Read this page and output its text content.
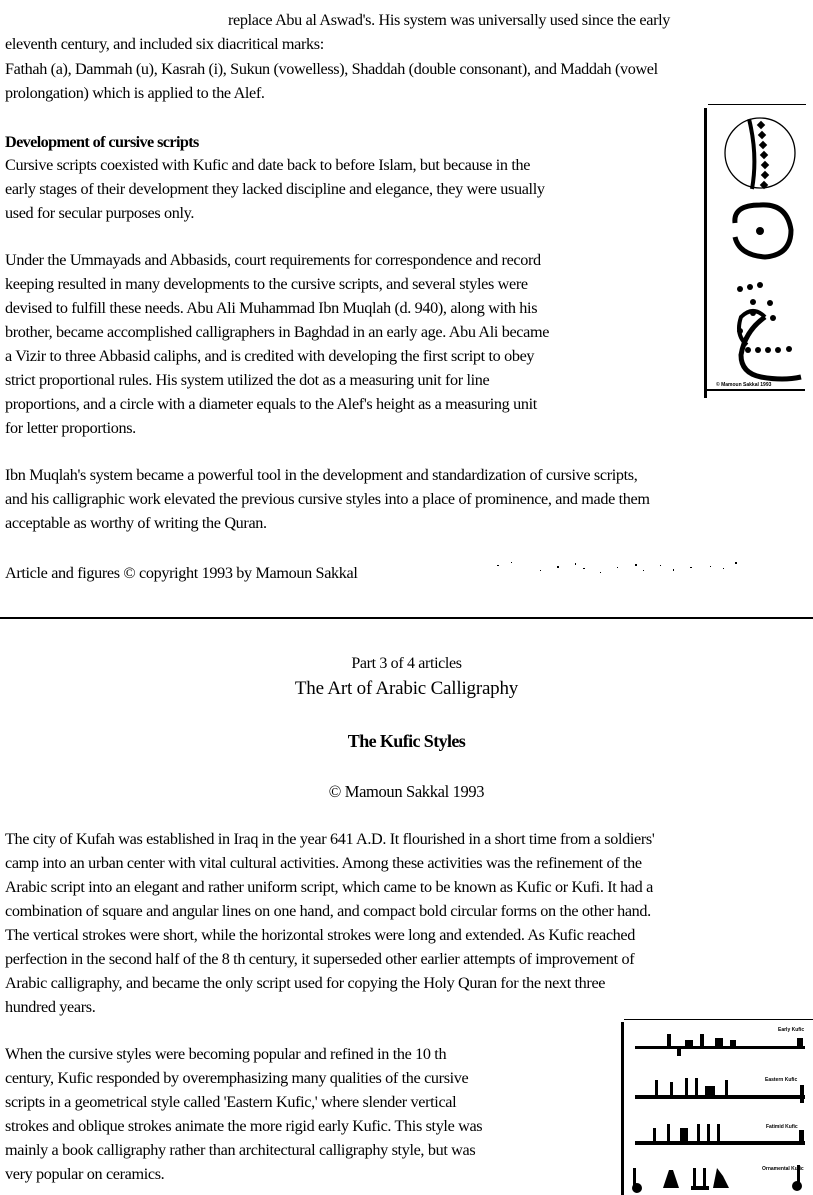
replace Abu al Aswad's. His system was universally used since the early
eleventh century, and included six diacritical marks:
Fathah (a), Dammah (u), Kasrah (i), Sukun (vowelless), Shaddah (double consonant), and Maddah (vowel
prolongation) which is applied to the Alef.
Development of cursive scripts
Cursive scripts coexisted with Kufic and date back to before Islam, but because in the
early stages of their development they lacked discipline and elegance, they were usually
used for secular purposes only.
Under the Ummayads and Abbasids, court requirements for correspondence and record
keeping resulted in many developments to the cursive scripts, and several styles were
devised to fulfill these needs. Abu Ali Muhammad Ibn Muqlah (d. 940), along with his
brother, became accomplished calligraphers in Baghdad in an early age. Abu Ali became
a Vizir to three Abbasid caliphs, and is credited with developing the first script to obey
strict proportional rules. His system utilized the dot as a measuring unit for line
proportions, and a circle with a diameter equals to the Alef's height as a measuring unit
for letter proportions.
Ibn Muqlah's system became a powerful tool in the development and standardization of cursive scripts,
and his calligraphic work elevated the previous cursive styles into a place of prominence, and made them
acceptable as worthy of writing the Quran.
Article and figures © copyright 1993 by Mamoun Sakkal
© Mamoun Sakkal 1993
Part 3 of 4 articles
The Art of Arabic Calligraphy
The Kufic Styles
© Mamoun Sakkal 1993
The city of Kufah was established in Iraq in the year 641 A.D. It flourished in a short time from a soldiers'
camp into an urban center with vital cultural activities. Among these activities was the refinement of the
Arabic script into an elegant and rather uniform script, which came to be known as Kufic or Kufi. It had a
combination of square and angular lines on one hand, and compact bold circular forms on the other hand.
The vertical strokes were short, while the horizontal strokes were long and extended. As Kufic reached
perfection in the second half of the 8 th century, it superseded other earlier attempts of improvement of
Arabic calligraphy, and became the only script used for copying the Holy Quran for the next three
hundred years.
When the cursive styles were becoming popular and refined in the 10 th
century, Kufic responded by overemphasizing many qualities of the cursive
scripts in a geometrical style called 'Eastern Kufic,' where slender vertical
strokes and oblique strokes animate the more rigid early Kufic. This style was
mainly a book calligraphy rather than architectural calligraphy style, but was
very popular on ceramics.
Early Kufic
Eastern Kufic
Fatimid Kufic
Ornamental Kufic
